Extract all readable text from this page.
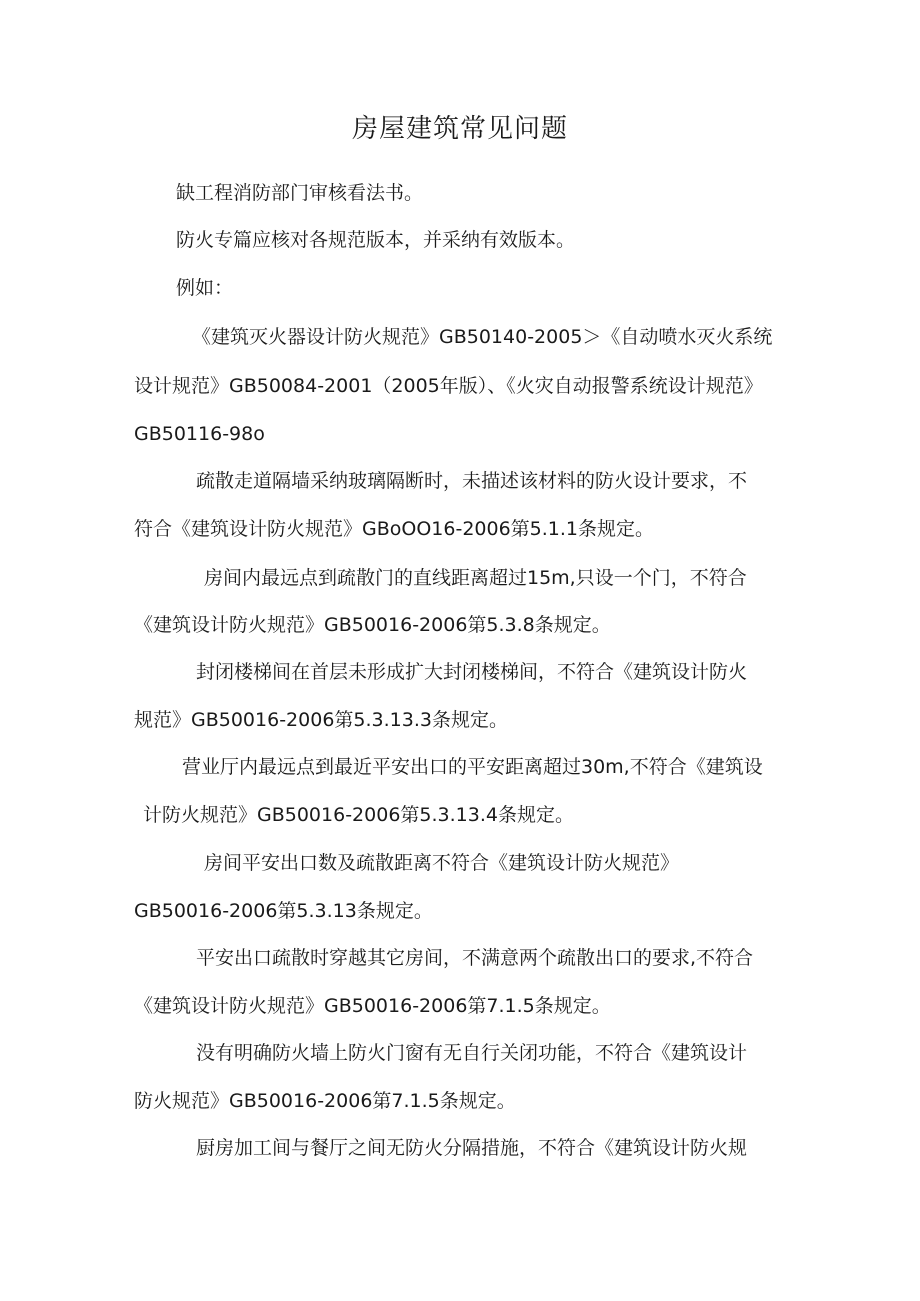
房屋建筑常见问题
缺工程消防部门审核看法书。
防火专篇应核对各规范版本，并采纳有效版本。
例如：
《建筑灭火器设计防火规范》GB50140-2005＞《自动喷水灭火系统
设计规范》GB50084-2001（2005年版）、《火灾自动报警系统设计规范》
GB50116-98o
疏散走道隔墙采纳玻璃隔断时，未描述该材料的防火设计要求，不
符合《建筑设计防火规范》GBoOO16-2006第5.1.1条规定。
房间内最远点到疏散门的直线距离超过15m,只设一个门，不符合
《建筑设计防火规范》GB50016-2006第5.3.8条规定。
封闭楼梯间在首层未形成扩大封闭楼梯间，不符合《建筑设计防火
规范》GB50016-2006第5.3.13.3条规定。
营业厅内最远点到最近平安出口的平安距离超过30m,不符合《建筑设
计防火规范》GB50016-2006第5.3.13.4条规定。
房间平安出口数及疏散距离不符合《建筑设计防火规范》
GB50016-2006第5.3.13条规定。
平安出口疏散时穿越其它房间，不满意两个疏散出口的要求,不符合
《建筑设计防火规范》GB50016-2006第7.1.5条规定。
没有明确防火墙上防火门窗有无自行关闭功能，不符合《建筑设计
防火规范》GB50016-2006第7.1.5条规定。
厨房加工间与餐厅之间无防火分隔措施，不符合《建筑设计防火规
